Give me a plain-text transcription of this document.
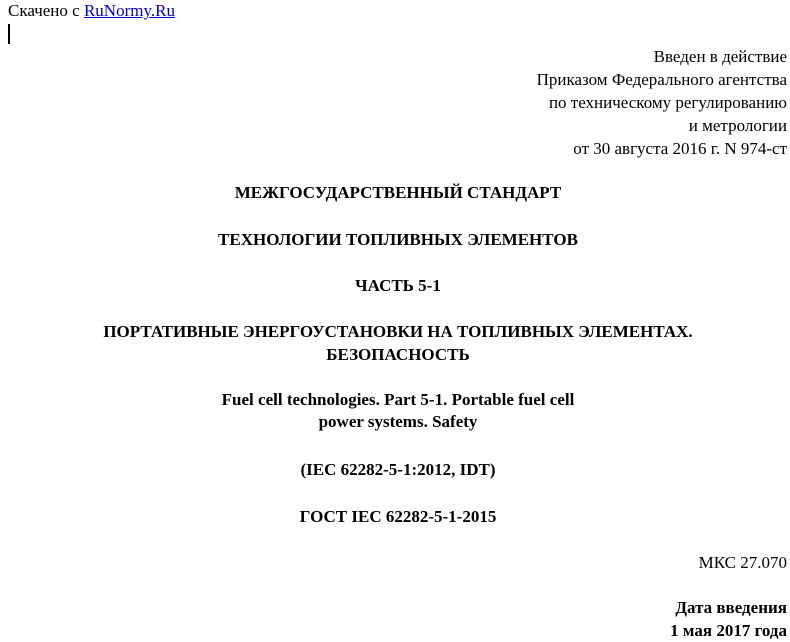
Скачено с RuNormy.Ru
Введен в действие
Приказом Федерального агентства
по техническому регулированию
и метрологии
от 30 августа 2016 г. N 974-ст
МЕЖГОСУДАРСТВЕННЫЙ СТАНДАРТ
ТЕХНОЛОГИИ ТОПЛИВНЫХ ЭЛЕМЕНТОВ
ЧАСТЬ 5-1
ПОРТАТИВНЫЕ ЭНЕРГОУСТАНОВКИ НА ТОПЛИВНЫХ ЭЛЕМЕНТАХ.
БЕЗОПАСНОСТЬ
Fuel cell technologies. Part 5-1. Portable fuel cell
power systems. Safety
(IEC 62282-5-1:2012, IDT)
ГОСТ IEC 62282-5-1-2015
МКС 27.070
Дата введения
1 мая 2017 года
